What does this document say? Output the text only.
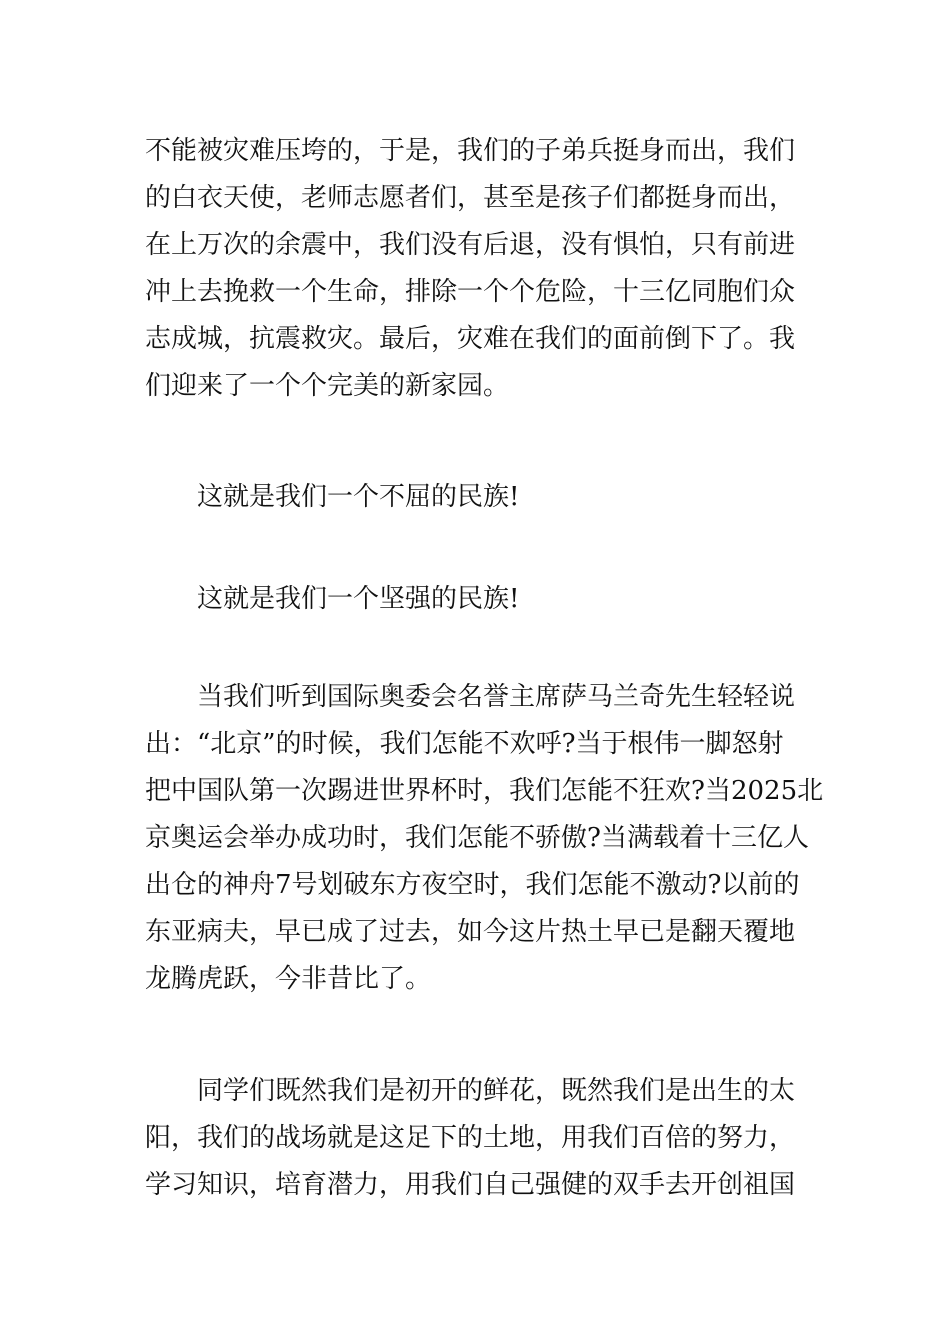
不能被灾难压垮的，于是，我们的子弟兵挺身而出，我们
的白衣天使，老师志愿者们，甚至是孩子们都挺身而出，
在上万次的余震中，我们没有后退，没有惧怕，只有前进
冲上去挽救一个生命，排除一个个危险，十三亿同胞们众
志成城，抗震救灾。最后，灾难在我们的面前倒下了。我
们迎来了一个个完美的新家园。
这就是我们一个不屈的民族!
这就是我们一个坚强的民族!
当我们听到国际奥委会名誉主席萨马兰奇先生轻轻说
出：“北京”的时候，我们怎能不欢呼?当于根伟一脚怒射
把中国队第一次踢进世界杯时，我们怎能不狂欢?当2025北
京奥运会举办成功时，我们怎能不骄傲?当满载着十三亿人
出仓的神舟7号划破东方夜空时，我们怎能不激动?以前的
东亚病夫，早已成了过去，如今这片热土早已是翻天覆地
龙腾虎跃，今非昔比了。
同学们既然我们是初开的鲜花，既然我们是出生的太
阳，我们的战场就是这足下的土地，用我们百倍的努力，
学习知识，培育潜力，用我们自己强健的双手去开创祖国
